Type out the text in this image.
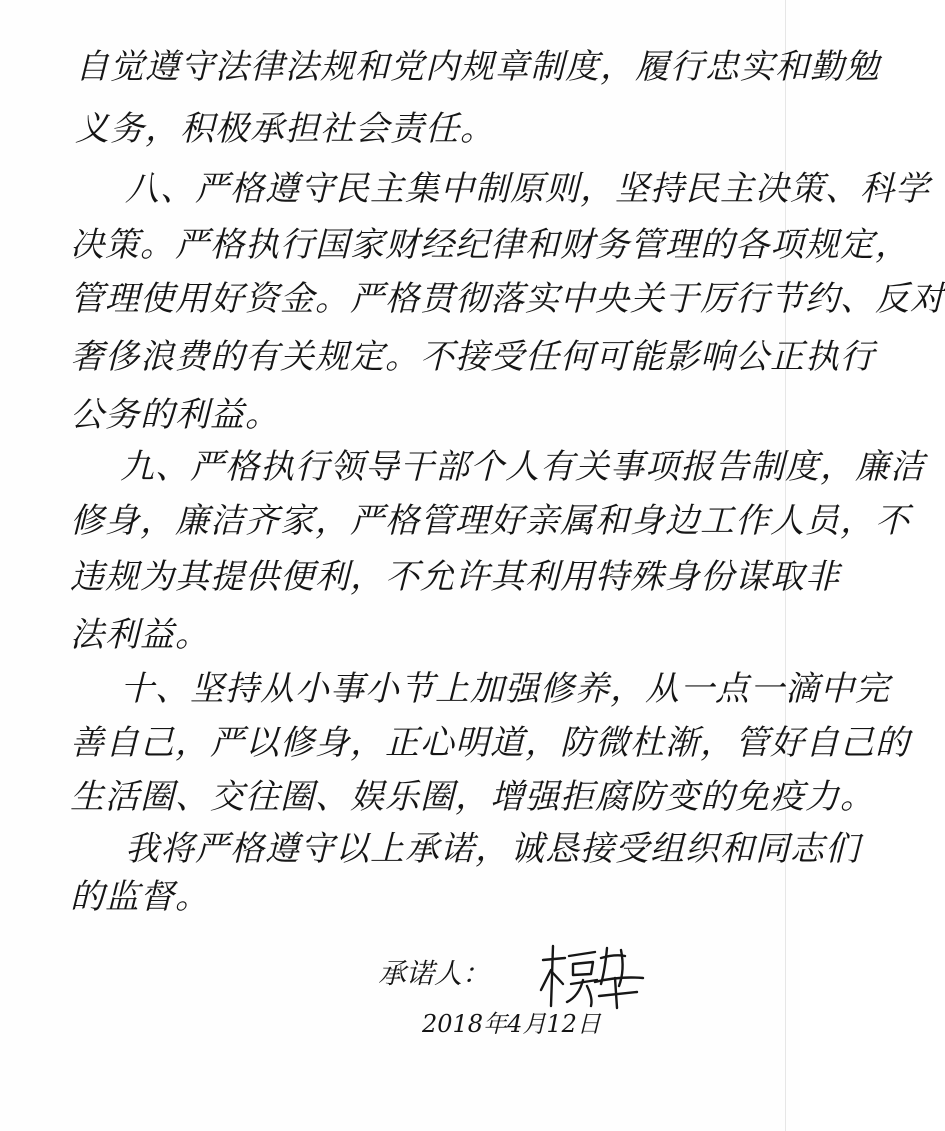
自觉遵守法律法规和党内规章制度，履行忠实和勤勉
义务，积极承担社会责任。
八、严格遵守民主集中制原则，坚持民主决策、科学
决策。严格执行国家财经纪律和财务管理的各项规定，
管理使用好资金。严格贯彻落实中央关于厉行节约、反对
奢侈浪费的有关规定。不接受任何可能影响公正执行
公务的利益。
九、严格执行领导干部个人有关事项报告制度，廉洁
修身，廉洁齐家，严格管理好亲属和身边工作人员，不
违规为其提供便利，不允许其利用特殊身份谋取非
法利益。
十、坚持从小事小节上加强修养，从一点一滴中完
善自己，严以修身，正心明道，防微杜渐，管好自己的
生活圈、交往圈、娱乐圈，增强拒腐防变的免疫力。
我将严格遵守以上承诺，诚恳接受组织和同志们
的监督。
承诺人：
2018年4月12日
